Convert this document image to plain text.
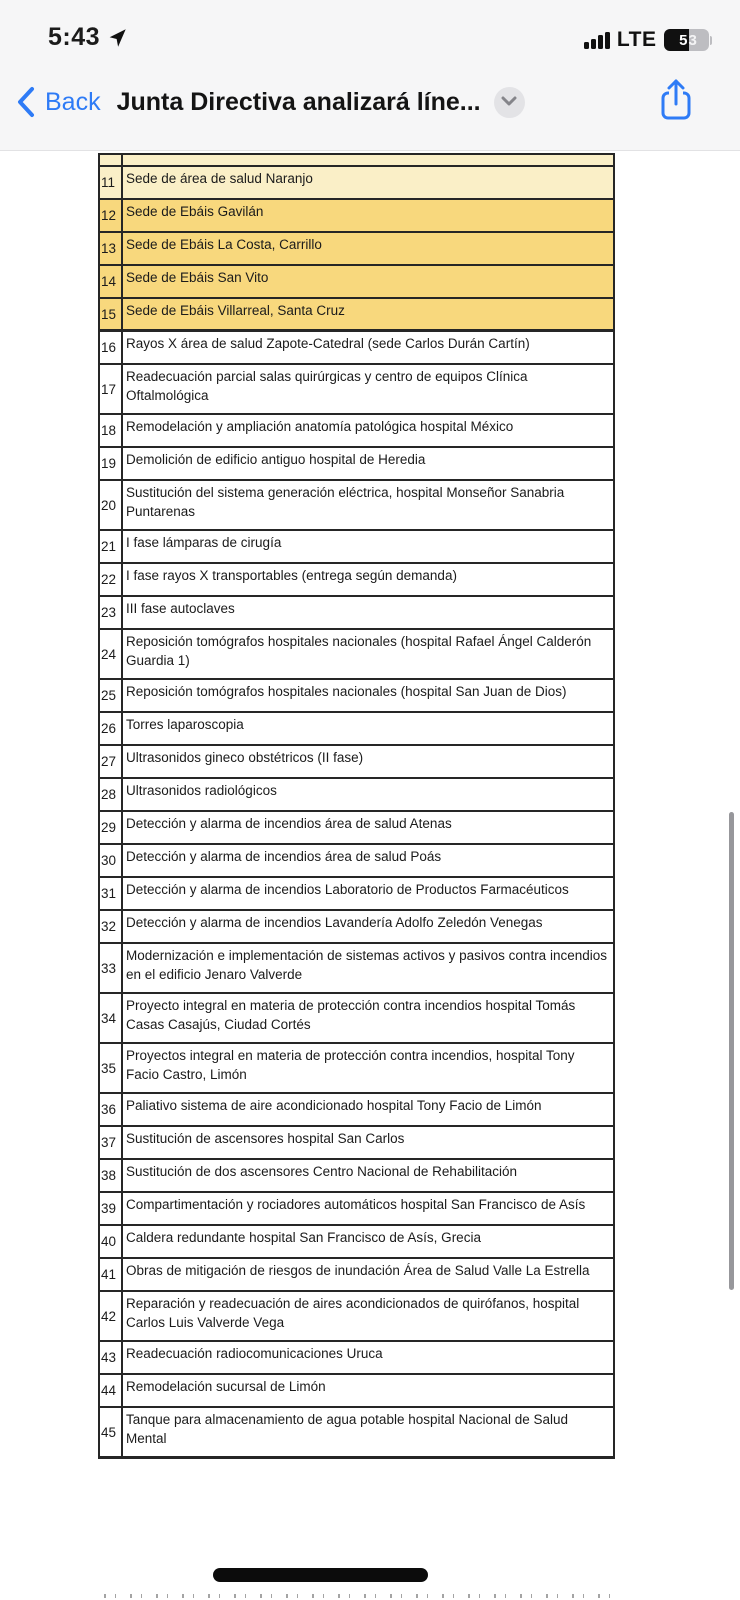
5:43	LTE	5 3
Back Junta Directiva analizará líne...
11 Sede de área de salud Naranjo
12 Sede de Ebáis Gavilán
13 Sede de Ebáis La Costa, Carrillo
14 Sede de Ebáis San Vito
15 Sede de Ebáis Villarreal, Santa Cruz
16 Rayos X área de salud Zapote-Catedral (sede Carlos Durán Cartín)
17
Readecuación parcial salas quirúrgicas y centro de equipos Clínica Oftalmológica
18 Remodelación y ampliación anatomía patológica hospital México
19 Demolición de edificio antiguo hospital de Heredia
20
Sustitución del sistema generación eléctrica, hospital Monseñor Sanabria Puntarenas
21 I fase lámparas de cirugía
22 I fase rayos X transportables (entrega según demanda)
23 III fase autoclaves
24
Reposición tomógrafos hospitales nacionales (hospital Rafael Ángel Calderón Guardia 1)
25 Reposición tomógrafos hospitales nacionales (hospital San Juan de Dios)
26 Torres laparoscopia
27 Ultrasonidos gineco obstétricos (II fase)
28 Ultrasonidos radiológicos
29 Detección y alarma de incendios área de salud Atenas
30 Detección y alarma de incendios área de salud Poás
31 Detección y alarma de incendios Laboratorio de Productos Farmacéuticos
32 Detección y alarma de incendios Lavandería Adolfo Zeledón Venegas
33
Modernización e implementación de sistemas activos y pasivos contra incendios en el edificio Jenaro Valverde
34
Proyecto integral en materia de protección contra incendios hospital Tomás Casas Casajús, Ciudad Cortés
35
Proyectos integral en materia de protección contra incendios, hospital Tony Facio Castro, Limón
36 Paliativo sistema de aire acondicionado hospital Tony Facio de Limón
37 Sustitución de ascensores hospital San Carlos
38 Sustitución de dos ascensores Centro Nacional de Rehabilitación
39 Compartimentación y rociadores automáticos hospital San Francisco de Asís
40 Caldera redundante hospital San Francisco de Asís, Grecia
41 Obras de mitigación de riesgos de inundación Área de Salud Valle La Estrella
42
Reparación y readecuación de aires acondicionados de quirófanos, hospital Carlos Luis Valverde Vega
43 Readecuación radiocomunicaciones Uruca
44 Remodelación sucursal de Limón
45
Tanque para almacenamiento de agua potable hospital Nacional de Salud Mental
